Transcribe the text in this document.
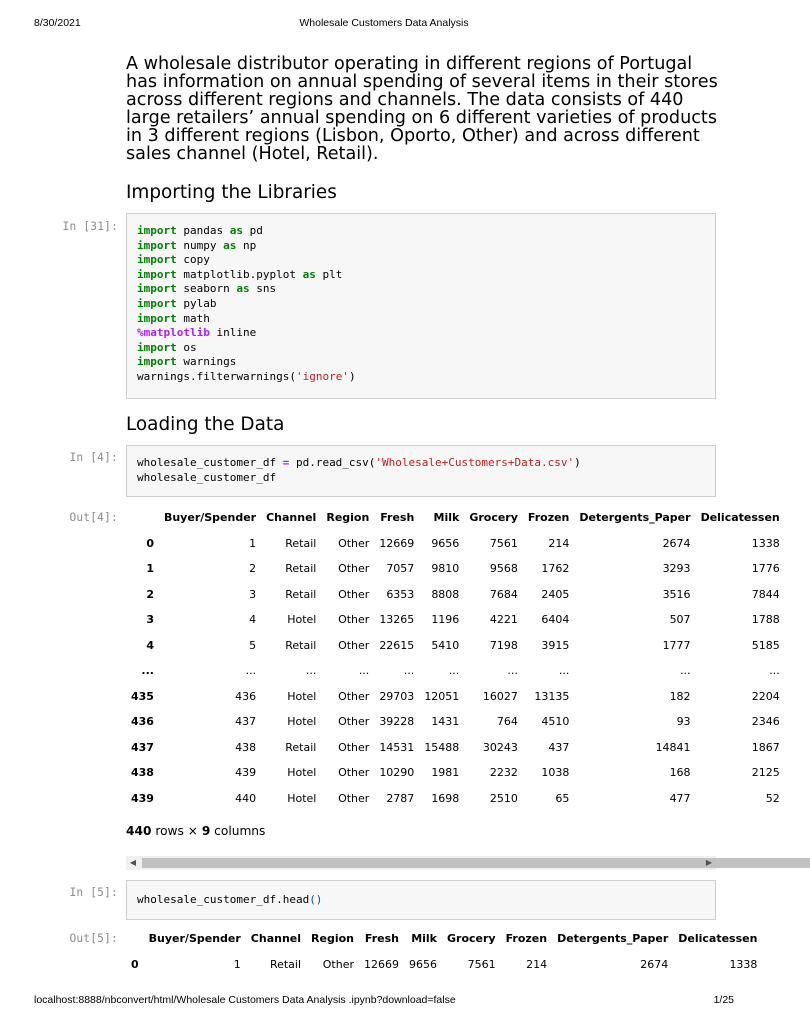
8/30/2021	Wholesale Customers Data Analysis
A wholesale distributor operating in different regions of Portugal has information on annual spending of several items in their stores across different regions and channels. The data consists of 440 large retailers’ annual spending on 6 different varieties of products in 3 different regions (Lisbon, Oporto, Other) and across different sales channel (Hotel, Retail).
Importing the Libraries
In [31]: import pandas as pd
import numpy as np
import copy
import matplotlib.pyplot as plt
import seaborn as sns
import pylab
import math
%matplotlib inline
import os
import warnings
warnings.filterwarnings('ignore')
Loading the Data
In [4]: wholesale_customer_df = pd.read_csv('Wholesale+Customers+Data.csv')
wholesale_customer_df
Out[4]:
		Buyer/Spender	Channel	Region	Fresh	Milk	Grocery	Frozen	Detergents_Paper	Delicatessen
0	1	Retail	Other	12669	9656	7561	214	2674	1338
1	2	Retail	Other	7057	9810	9568	1762	3293	1776
2	3	Retail	Other	6353	8808	7684	2405	3516	7844
3	4	Hotel	Other	13265	1196	4221	6404	507	1788
4	5	Retail	Other	22615	5410	7198	3915	1777	5185
...	...	...	...	...	...	...	...	...	...
435	436	Hotel	Other	29703	12051	16027	13135	182	2204
436	437	Hotel	Other	39228	1431	764	4510	93	2346
437	438	Retail	Other	14531	15488	30243	437	14841	1867
438	439	Hotel	Other	10290	1981	2232	1038	168	2125
439	440	Hotel	Other	2787	1698	2510	65	477	52
440 rows × 9 columns
◀	▶
In [5]:
wholesale_customer_df.head()
Out[5]:
		Buyer/Spender	Channel	Region	Fresh	Milk	Grocery	Frozen	Detergents_Paper	Delicatessen
0	1	Retail	Other	12669	9656	7561	214	2674	1338
localhost:8888/nbconvert/html/Wholesale Customers Data Analysis .ipynb?download=false	1/25
